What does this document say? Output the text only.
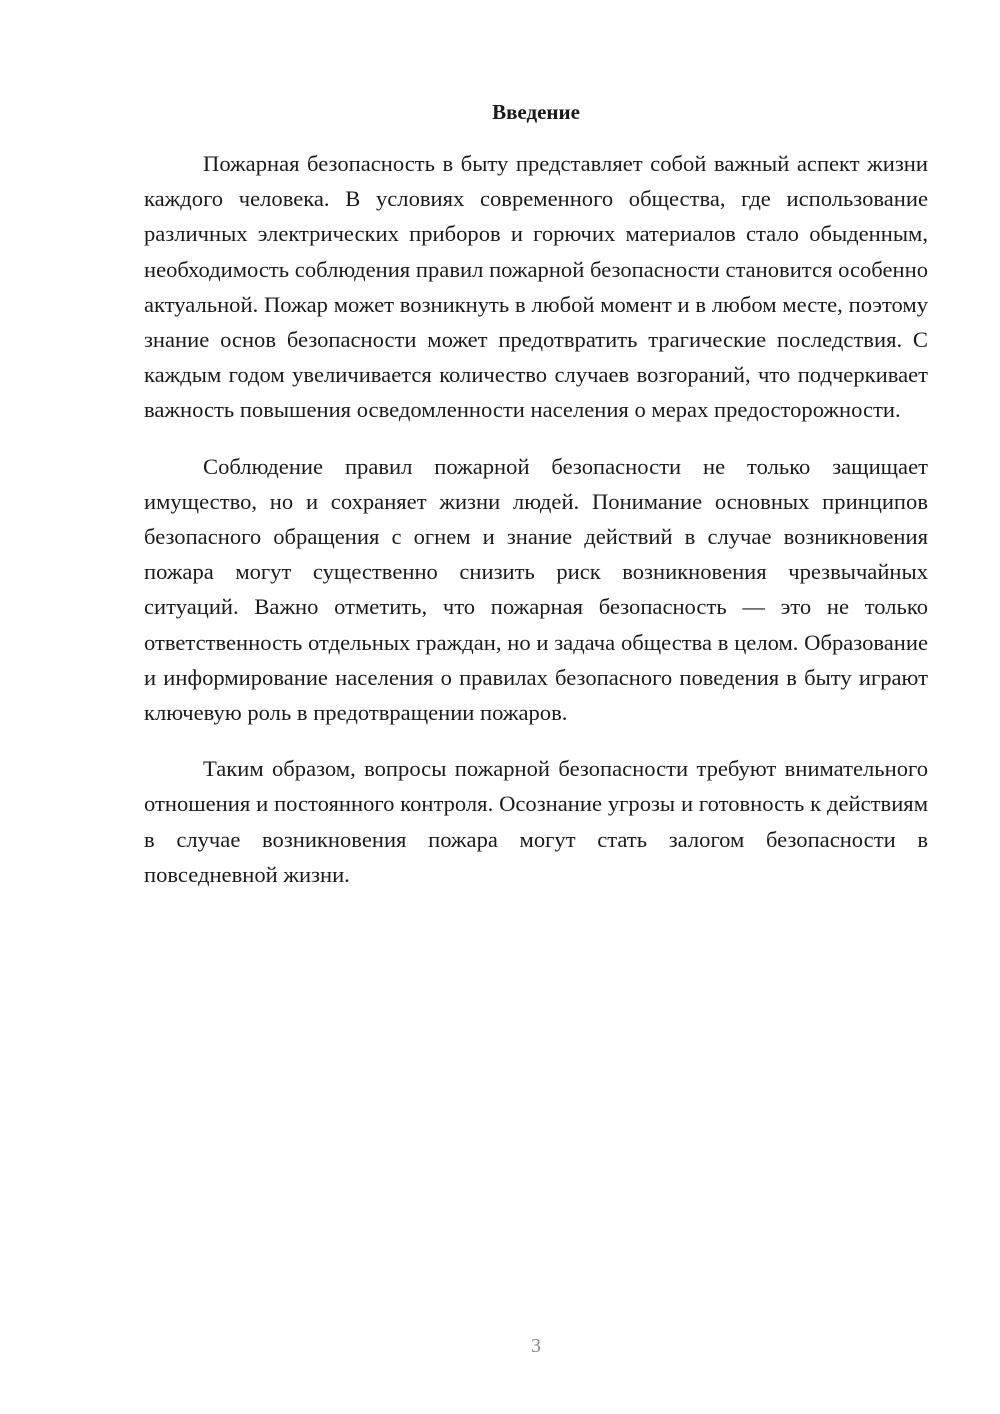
Введение

Пожарная безопасность в быту представляет собой важный аспект жизни каждого человека. В условиях современного общества, где использование различных электрических приборов и горючих материалов стало обыденным, необходимость соблюдения правил пожарной безопасности становится особенно актуальной. Пожар может возникнуть в любой момент и в любом месте, поэтому знание основ безопасности может предотвратить трагические последствия. С каждым годом увеличивается количество случаев возгораний, что подчеркивает важность повышения осведомленности населения о мерах предосторожности.

Соблюдение правил пожарной безопасности не только защищает имущество, но и сохраняет жизни людей. Понимание основных принципов безопасного обращения с огнем и знание действий в случае возникновения пожара могут существенно снизить риск возникновения чрезвычайных ситуаций. Важно отметить, что пожарная безопасность — это не только ответственность отдельных граждан, но и задача общества в целом. Образование и информирование населения о правилах безопасного поведения в быту играют ключевую роль в предотвращении пожаров.

Таким образом, вопросы пожарной безопасности требуют внимательного отношения и постоянного контроля. Осознание угрозы и готовность к действиям в случае возникновения пожара могут стать залогом безопасности в повседневной жизни.

3
